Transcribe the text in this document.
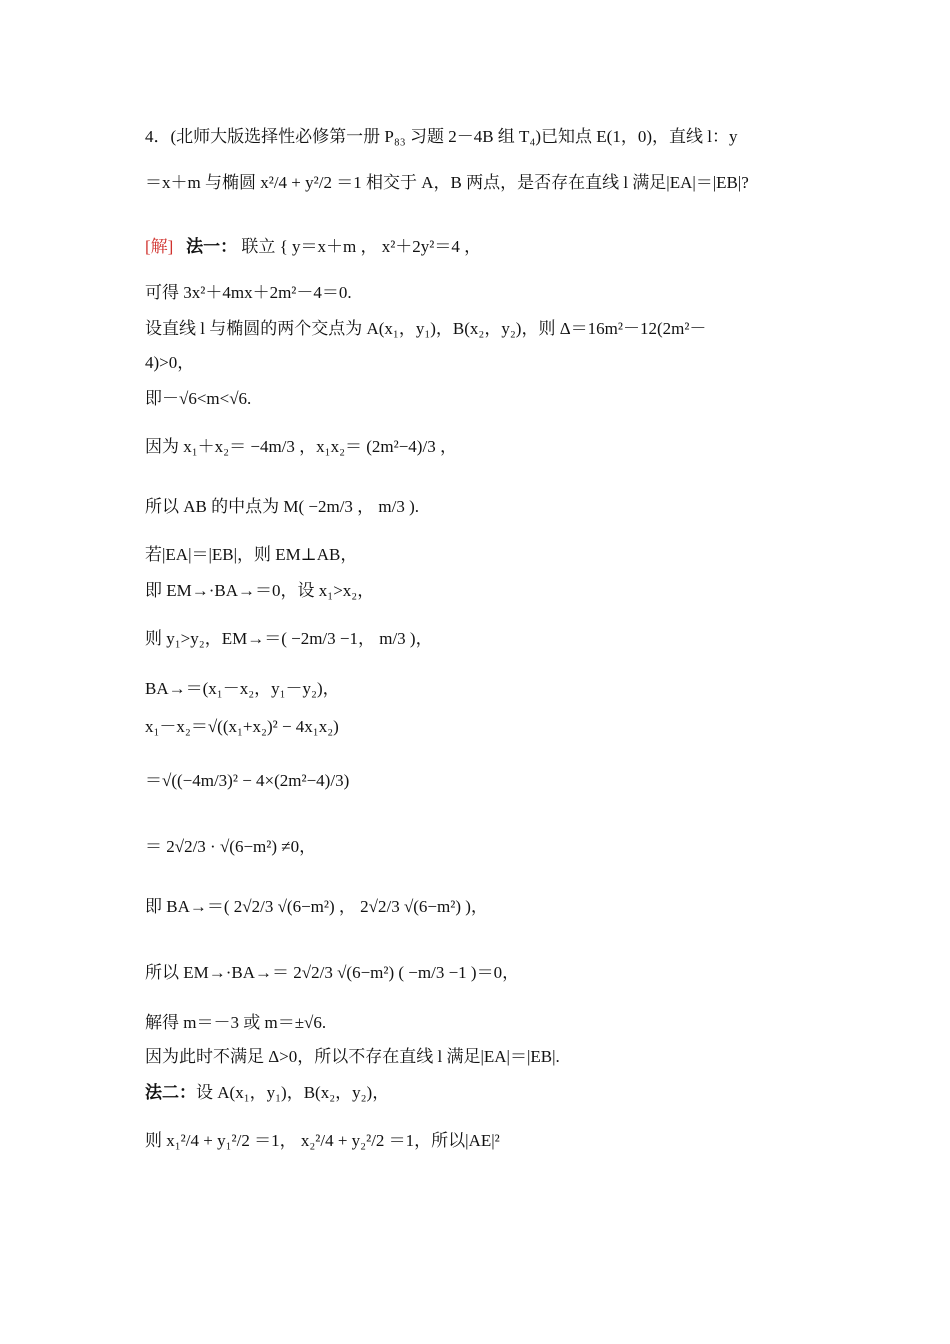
4．(北师大版选择性必修第一册 P₈₃ 习题 2－4B 组 T₄)已知点 E(1，0)，直线 l：y
＝x＋m 与椭圆 x²/4 + y²/2 ＝1 相交于 A，B 两点，是否存在直线 l 满足|EA|＝|EB|?
[解] 法一： 联立 { y＝x＋m ， x²＋2y²＝4 ，
可得 3x²＋4mx＋2m²－4＝0.
设直线 l 与椭圆的两个交点为 A(x₁，y₁)，B(x₂，y₂)，则 Δ＝16m²－12(2m²－
4)>0，
即－√6<m<√6.
因为 x₁＋x₂＝ −4m/3 ，x₁x₂＝ (2m²−4)/3 ，
所以 AB 的中点为 M( −2m/3 ， m/3 ).
若|EA|＝|EB|，则 EM⊥AB，
即 EM→·BA→＝0，设 x₁>x₂，
则 y₁>y₂，EM→＝( −2m/3 −1， m/3 )，
BA→＝(x₁－x₂，y₁－y₂)，
x₁－x₂＝√((x₁+x₂)² − 4x₁x₂)
＝√((−4m/3)² − 4×(2m²−4)/3)
＝ 2√2/3 · √(6−m²) ≠0，
即 BA→＝( 2√2/3 √(6−m²) ， 2√2/3 √(6−m²) )，
所以 EM→·BA→＝ 2√2/3 √(6−m²) ( −m/3 −1 )＝0，
解得 m＝－3 或 m＝±√6.
因为此时不满足 Δ>0，所以不存在直线 l 满足|EA|＝|EB|.
法二：设 A(x₁，y₁)，B(x₂，y₂)，
则 x₁²/4 + y₁²/2 ＝1， x₂²/4 + y₂²/2 ＝1，所以|AE|²
